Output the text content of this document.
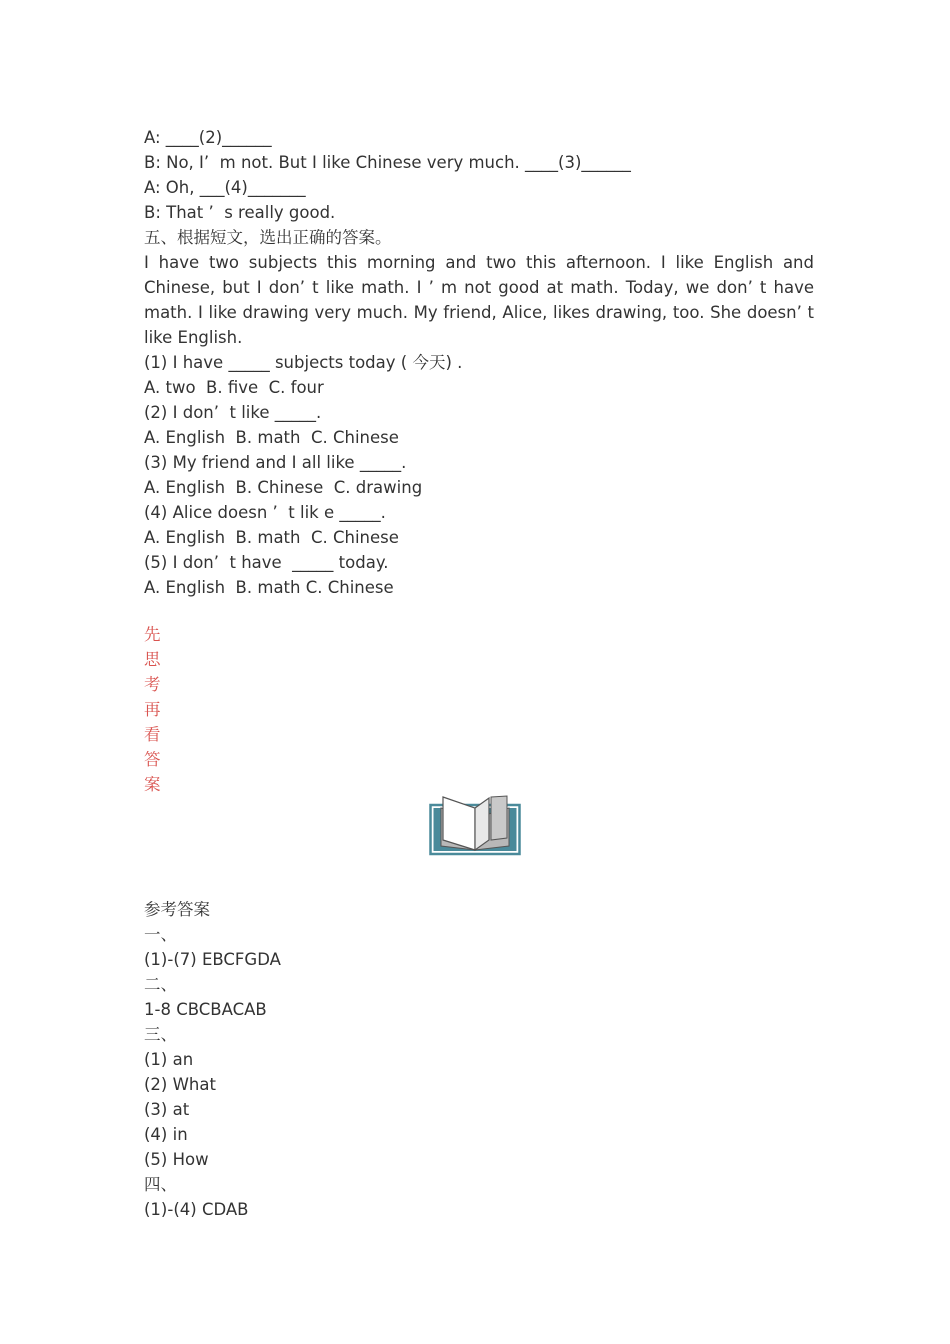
A: ____(2)______
B: No, I’  m not. But I like Chinese very much. ____(3)______
A: Oh, ___(4)_______
B: That ’  s really good.
五、根据短文，选出正确的答案。
I have two subjects this morning and two this afternoon. I like English and Chinese, but I don’ t like math. I ’ m not good at math. Today, we don’ t have math. I like drawing very much. My friend, Alice, likes drawing, too. She doesn’ t like English.
(1) I have _____ subjects today ( 今天) .
A. two  B. five  C. four
(2) I don’  t like _____.
A. English  B. math  C. Chinese
(3) My friend and I all like _____.
A. English  B. Chinese  C. drawing
(4) Alice doesn ’  t lik e _____.
A. English  B. math  C. Chinese
(5) I don’  t have  _____ today.
A. English  B. math C. Chinese
先
思
考
再
看
答
案
参考答案
一、
(1)-(7) EBCFGDA
二、
1-8 CBCBACAB
三、
(1) an
(2) What
(3) at
(4) in
(5) How
四、
(1)-(4) CDAB
